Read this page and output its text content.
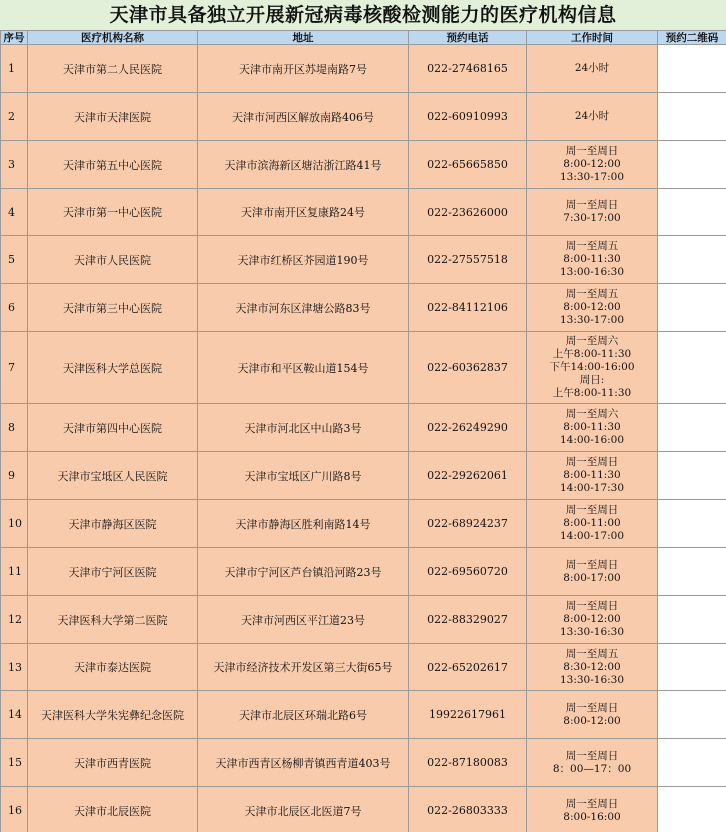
天津市具备独立开展新冠病毒核酸检测能力的医疗机构信息
序号	医疗机构名称	地址	预约电话	工作时间	预约二维码
1	天津市第二人民医院	天津市南开区苏堤南路7号	022-27468165	24小时	

2	天津市天津医院	天津市河西区解放南路406号	022-60910993	24小时	

3	天津市第五中心医院	天津市滨海新区塘沽浙江路41号	022-65665850	周一至周日
8:00-12:00
13:30-17:00	

4	天津市第一中心医院	天津市南开区复康路24号	022-23626000	周一至周日
7:30-17:00	

5	天津市人民医院	天津市红桥区芥园道190号	022-27557518	周一至周五
8:00-11:30
13:00-16:30	

6	天津市第三中心医院	天津市河东区津塘公路83号	022-84112106	周一至周五
8:00-12:00
13:30-17:00	

7	天津医科大学总医院	天津市和平区鞍山道154号	022-60362837	周一至周六
上午8:00-11:30
下午14:00-16:00
周日:
上午8:00-11:30	

8	天津市第四中心医院	天津市河北区中山路3号	022-26249290	周一至周六
8:00-11:30
14:00-16:00	

9	天津市宝坻区人民医院	天津市宝坻区广川路8号	022-29262061	周一至周日
8:00-11:30
14:00-17:30	

10	天津市静海区医院	天津市静海区胜利南路14号	022-68924237	周一至周日
8:00-11:00
14:00-17:00	

11	天津市宁河区医院	天津市宁河区芦台镇沿河路23号	022-69560720	周一至周日
8:00-17:00	

12	天津医科大学第二医院	天津市河西区平江道23号	022-88329027	周一至周日
8:00-12:00
13:30-16:30	

13	天津市泰达医院	天津市经济技术开发区第三大街65号	022-65202617	周一至周五
8:30-12:00
13:30-16:30	

14	天津医科大学朱宪彝纪念医院	天津市北辰区环瑞北路6号	19922617961	周一至周日
8:00-12:00	

15	天津市西青医院	天津市西青区杨柳青镇西青道403号	022-87180083	周一至周日
8：00—17：00	

16	天津市北辰医院	天津市北辰区北医道7号	022-26803333	周一至周日
8:00-16:00	
